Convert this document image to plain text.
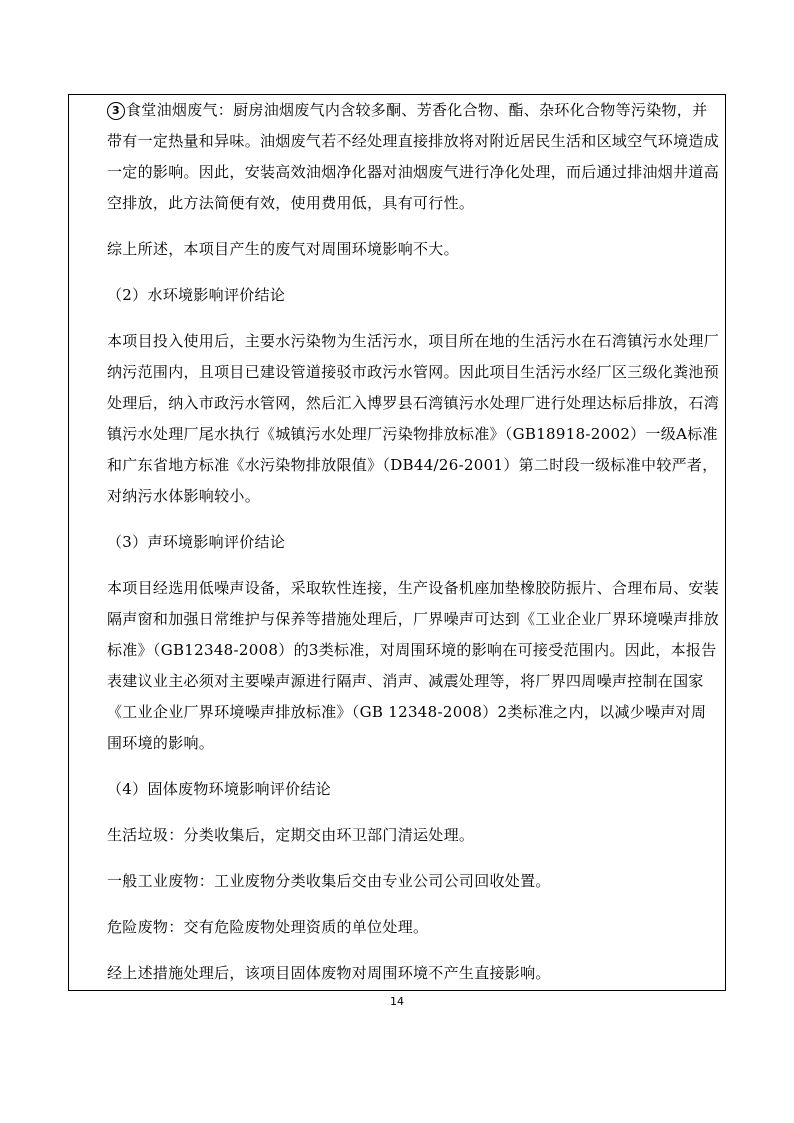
3 食堂油烟废气：厨房油烟废气内含较多酮、芳香化合物、酯、杂环化合物等污染物，并带有一定热量和异味。油烟废气若不经处理直接排放将对附近居民生活和区域空气环境造成一定的影响。因此，安装高效油烟净化器对油烟废气进行净化处理，而后通过排油烟井道高空排放，此方法简便有效，使用费用低，具有可行性。

综上所述，本项目产生的废气对周围环境影响不大。

（2）水环境影响评价结论

本项目投入使用后，主要水污染物为生活污水，项目所在地的生活污水在石湾镇污水处理厂纳污范围内，且项目已建设管道接驳市政污水管网。因此项目生活污水经厂区三级化粪池预处理后，纳入市政污水管网，然后汇入博罗县石湾镇污水处理厂进行处理达标后排放，石湾镇污水处理厂尾水执行《城镇污水处理厂污染物排放标准》（GB18918-2002）一级A标准和广东省地方标准《水污染物排放限值》（DB44/26-2001）第二时段一级标准中较严者，对纳污水体影响较小。

（3）声环境影响评价结论

本项目经选用低噪声设备，采取软性连接，生产设备机座加垫橡胶防振片、合理布局、安装隔声窗和加强日常维护与保养等措施处理后，厂界噪声可达到《工业企业厂界环境噪声排放标准》（GB12348-2008）的3类标准，对周围环境的影响在可接受范围内。因此，本报告表建议业主必须对主要噪声源进行隔声、消声、减震处理等，将厂界四周噪声控制在国家《工业企业厂界环境噪声排放标准》（GB 12348-2008）2类标准之内，以减少噪声对周围环境的影响。

（4）固体废物环境影响评价结论

生活垃圾：分类收集后，定期交由环卫部门清运处理。

一般工业废物：工业废物分类收集后交由专业公司公司回收处置。

危险废物：交有危险废物处理资质的单位处理。

经上述措施处理后，该项目固体废物对周围环境不产生直接影响。

14
